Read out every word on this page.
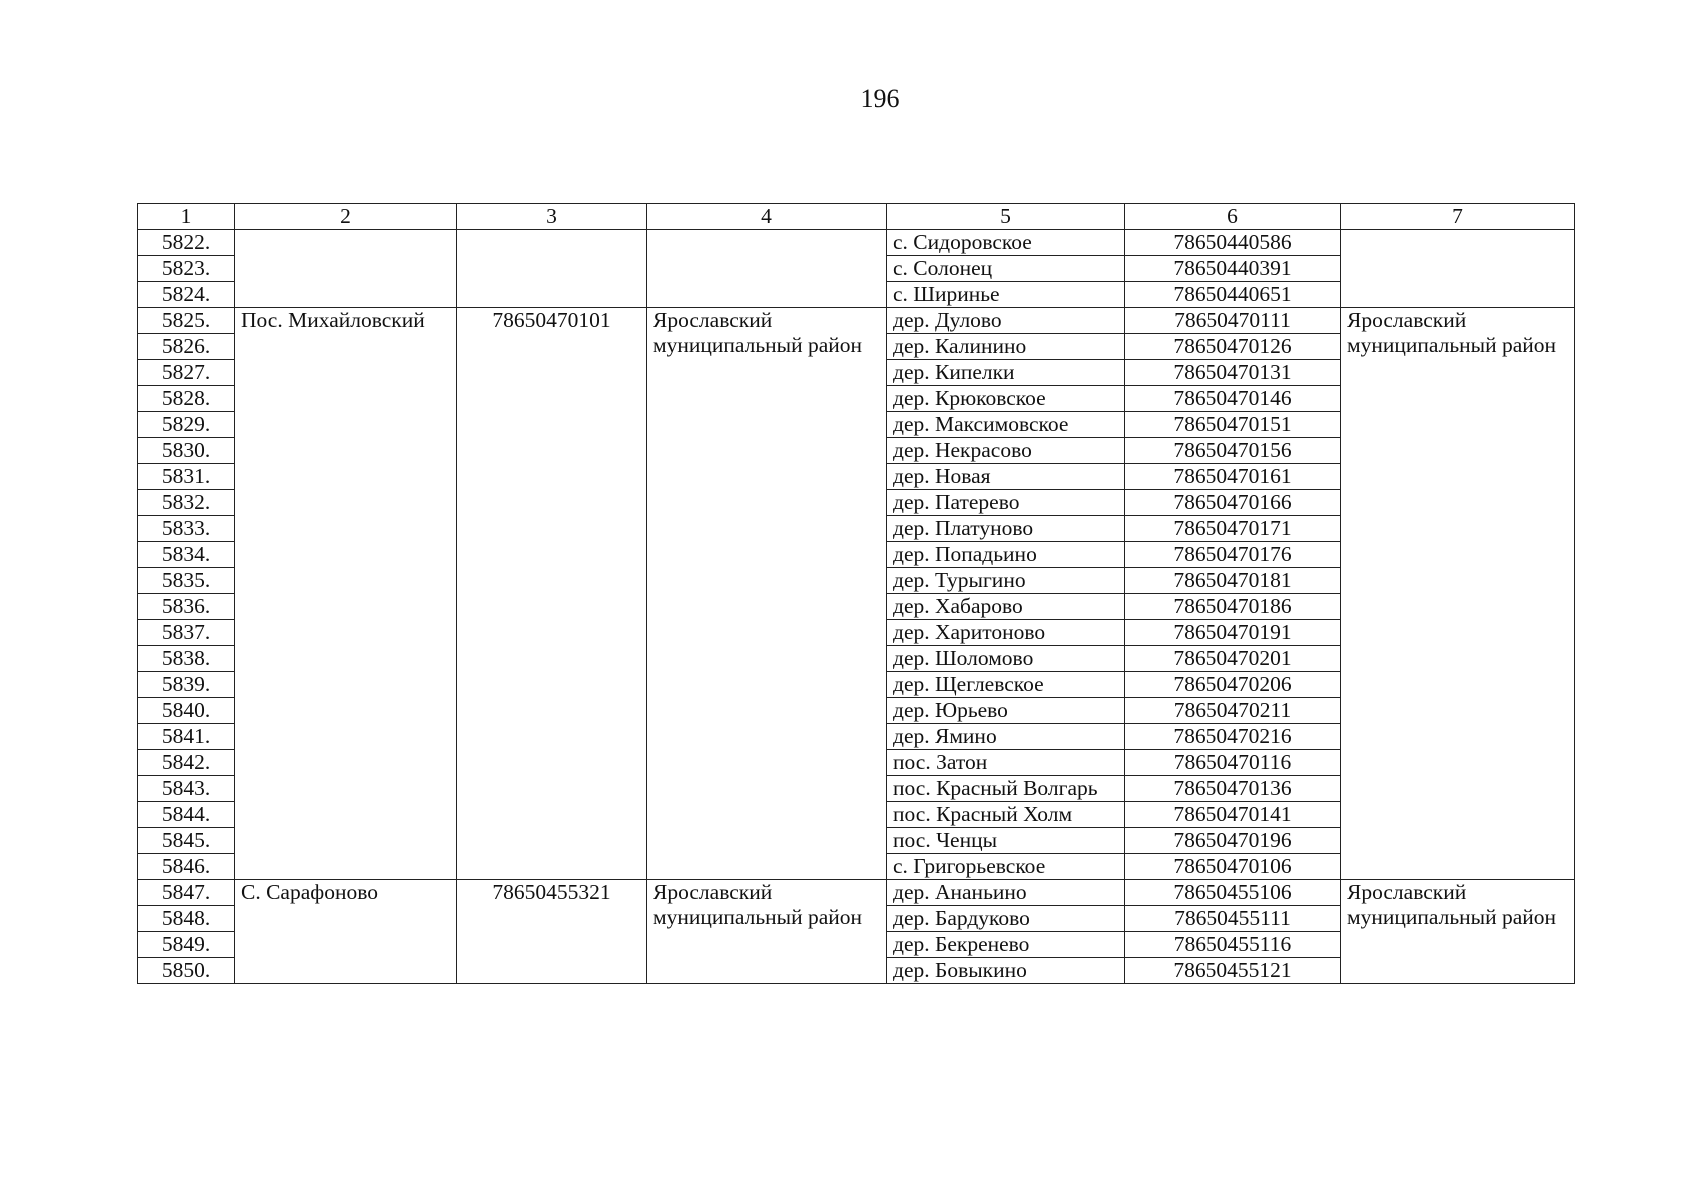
196
1	2	3	4	5	6	7
5822.				с. Сидоровское	78650440586	
5823.				с. Солонец	78650440391	
5824.				с. Ширинье	78650440651	
5825.	Пос. Михайловский	78650470101	Ярославский муниципальный район	дер. Дулово	78650470111	Ярославский муниципальный район
5826.				дер. Калинино	78650470126	
5827.				дер. Кипелки	78650470131	
5828.				дер. Крюковское	78650470146	
5829.				дер. Максимовское	78650470151	
5830.				дер. Некрасово	78650470156	
5831.				дер. Новая	78650470161	
5832.				дер. Патерево	78650470166	
5833.				дер. Платуново	78650470171	
5834.				дер. Попадьино	78650470176	
5835.				дер. Турыгино	78650470181	
5836.				дер. Хабарово	78650470186	
5837.				дер. Харитоново	78650470191	
5838.				дер. Шоломово	78650470201	
5839.				дер. Щеглевское	78650470206	
5840.				дер. Юрьево	78650470211	
5841.				дер. Ямино	78650470216	
5842.				пос. Затон	78650470116	
5843.				пос. Красный Волгарь	78650470136	
5844.				пос. Красный Холм	78650470141	
5845.				пос. Ченцы	78650470196	
5846.				с. Григорьевское	78650470106	
5847.	С. Сарафоново	78650455321	Ярославский муниципальный район	дер. Ананьино	78650455106	Ярославский муниципальный район
5848.				дер. Бардуково	78650455111	
5849.				дер. Бекренево	78650455116	
5850.				дер. Бовыкино	78650455121	
